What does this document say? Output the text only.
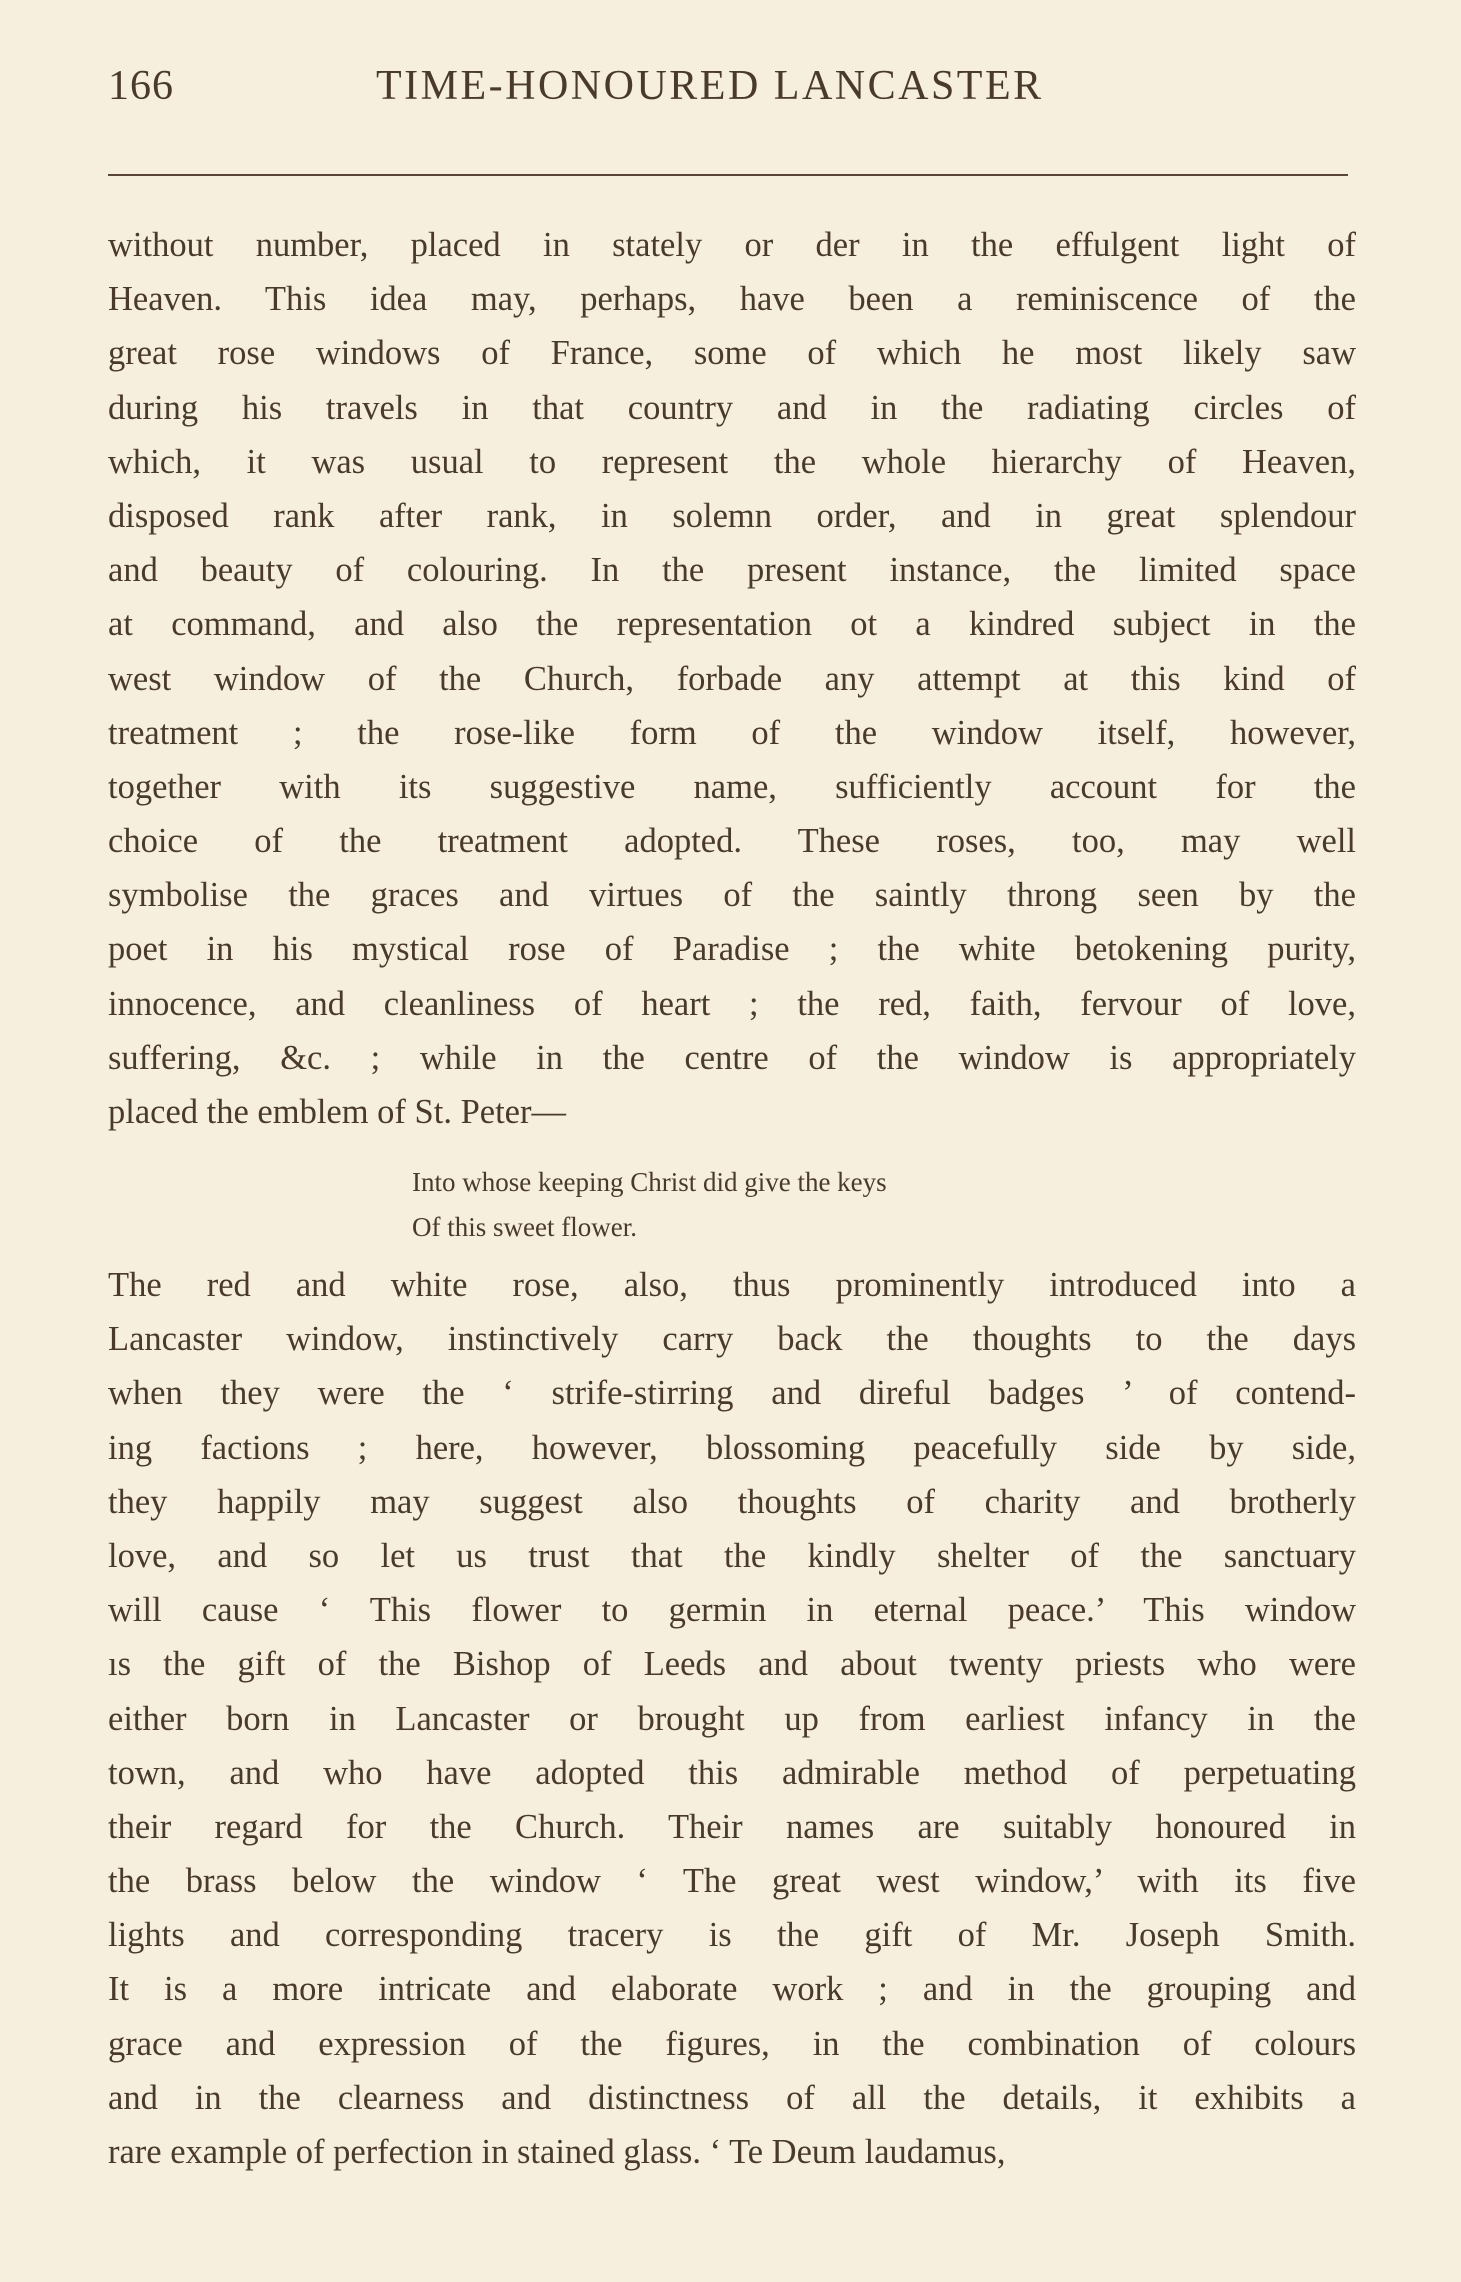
166	TIME-HONOURED LANCASTER
without number, placed in stately or der in the effulgent light of
Heaven. This idea may, perhaps, have been a reminiscence of the
great rose windows of France, some of which he most likely saw
during his travels in that country and in the radiating circles of
which, it was usual to represent the whole hierarchy of Heaven,
disposed rank after rank, in solemn order, and in great splendour
and beauty of colouring. In the present instance, the limited space
at command, and also the representation ot a kindred subject in the
west window of the Church, forbade any attempt at this kind of
treatment ; the rose-like form of the window itself, however,
together with its suggestive name, sufficiently account for the
choice of the treatment adopted. These roses, too, may well
symbolise the graces and virtues of the saintly throng seen by the
poet in his mystical rose of Paradise ; the white betokening purity,
innocence, and cleanliness of heart ; the red, faith, fervour of love,
suffering, &c. ; while in the centre of the window is appropriately
placed the emblem of St. Peter—
Into whose keeping Christ did give the keys
Of this sweet flower.
The red and white rose, also, thus prominently introduced into a
Lancaster window, instinctively carry back the thoughts to the days
when they were the ‘ strife-stirring and direful badges ’ of contend-
ing factions ; here, however, blossoming peacefully side by side,
they happily may suggest also thoughts of charity and brotherly
love, and so let us trust that the kindly shelter of the sanctuary
will cause ‘ This flower to germin in eternal peace.’ This window
ıs the gift of the Bishop of Leeds and about twenty priests who were
either born in Lancaster or brought up from earliest infancy in the
town, and who have adopted this admirable method of perpetuating
their regard for the Church. Their names are suitably honoured in
the brass below the window ‘ The great west window,’ with its five
lights and corresponding tracery is the gift of Mr. Joseph Smith.
It is a more intricate and elaborate work ; and in the grouping and
grace and expression of the figures, in the combination of colours
and in the clearness and distinctness of all the details, it exhibits a
rare example of perfection in stained glass. ‘ Te Deum laudamus,
